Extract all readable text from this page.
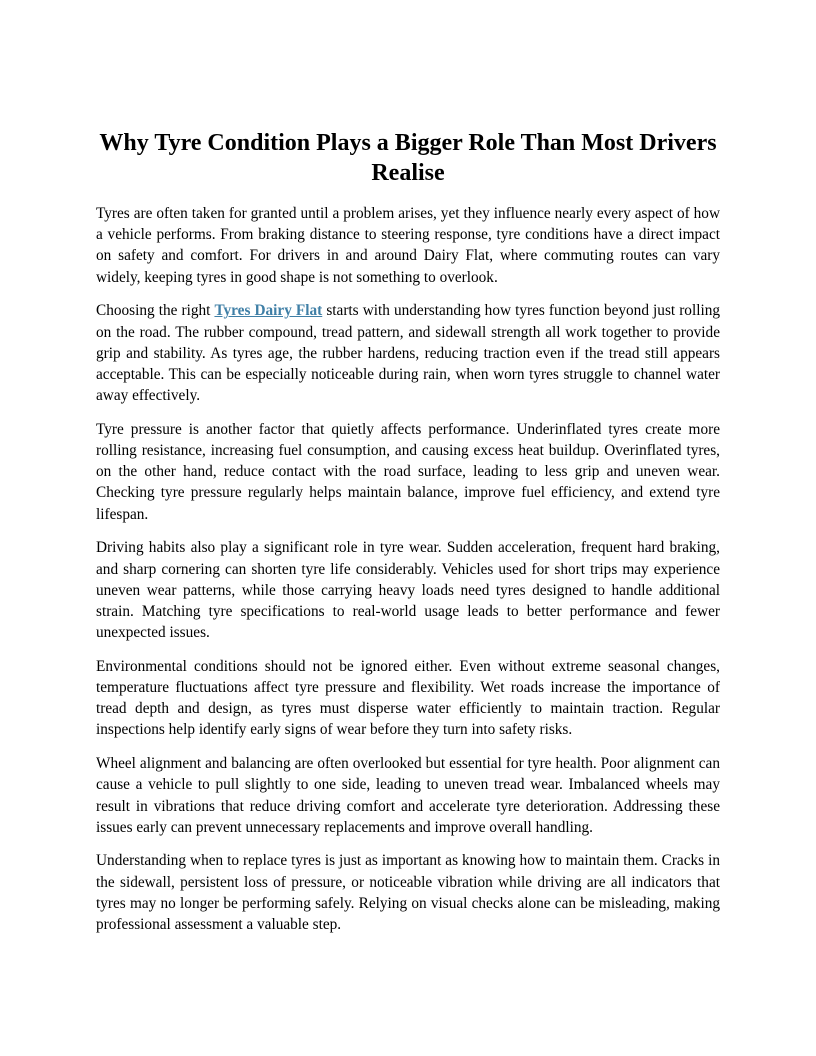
Why Tyre Condition Plays a Bigger Role Than Most Drivers Realise

Tyres are often taken for granted until a problem arises, yet they influence nearly every aspect of how a vehicle performs. From braking distance to steering response, tyre conditions have a direct impact on safety and comfort. For drivers in and around Dairy Flat, where commuting routes can vary widely, keeping tyres in good shape is not something to overlook.

Choosing the right Tyres Dairy Flat starts with understanding how tyres function beyond just rolling on the road. The rubber compound, tread pattern, and sidewall strength all work together to provide grip and stability. As tyres age, the rubber hardens, reducing traction even if the tread still appears acceptable. This can be especially noticeable during rain, when worn tyres struggle to channel water away effectively.

Tyre pressure is another factor that quietly affects performance. Underinflated tyres create more rolling resistance, increasing fuel consumption, and causing excess heat buildup. Overinflated tyres, on the other hand, reduce contact with the road surface, leading to less grip and uneven wear. Checking tyre pressure regularly helps maintain balance, improve fuel efficiency, and extend tyre lifespan.

Driving habits also play a significant role in tyre wear. Sudden acceleration, frequent hard braking, and sharp cornering can shorten tyre life considerably. Vehicles used for short trips may experience uneven wear patterns, while those carrying heavy loads need tyres designed to handle additional strain. Matching tyre specifications to real-world usage leads to better performance and fewer unexpected issues.

Environmental conditions should not be ignored either. Even without extreme seasonal changes, temperature fluctuations affect tyre pressure and flexibility. Wet roads increase the importance of tread depth and design, as tyres must disperse water efficiently to maintain traction. Regular inspections help identify early signs of wear before they turn into safety risks.

Wheel alignment and balancing are often overlooked but essential for tyre health. Poor alignment can cause a vehicle to pull slightly to one side, leading to uneven tread wear. Imbalanced wheels may result in vibrations that reduce driving comfort and accelerate tyre deterioration. Addressing these issues early can prevent unnecessary replacements and improve overall handling.

Understanding when to replace tyres is just as important as knowing how to maintain them. Cracks in the sidewall, persistent loss of pressure, or noticeable vibration while driving are all indicators that tyres may no longer be performing safely. Relying on visual checks alone can be misleading, making professional assessment a valuable step.
